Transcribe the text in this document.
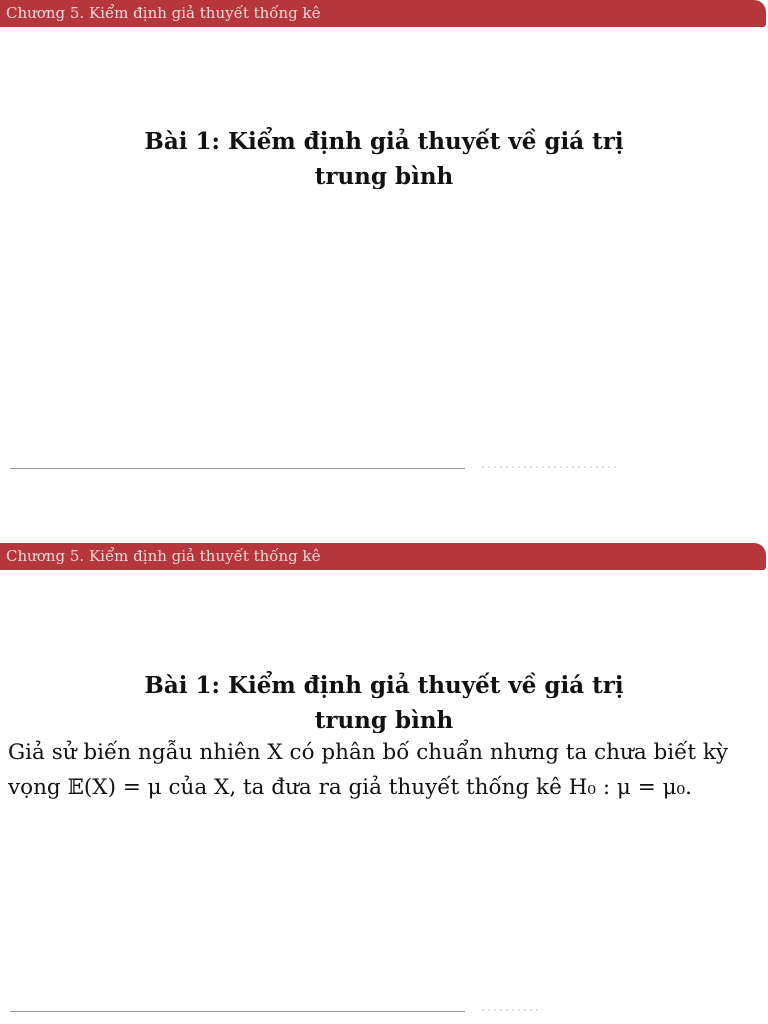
Chương 5. Kiểm định giả thuyết thống kê
Bài 1: Kiểm định giả thuyết về giá trị
trung bình
Chương 5. Kiểm định giả thuyết thống kê
Bài 1: Kiểm định giả thuyết về giá trị
trung bình
Giả sử biến ngẫu nhiên X có phân bố chuẩn nhưng ta chưa biết kỳ
vọng 𝔼(X) = μ của X, ta đưa ra giả thuyết thống kê H₀ : μ = μ₀.
